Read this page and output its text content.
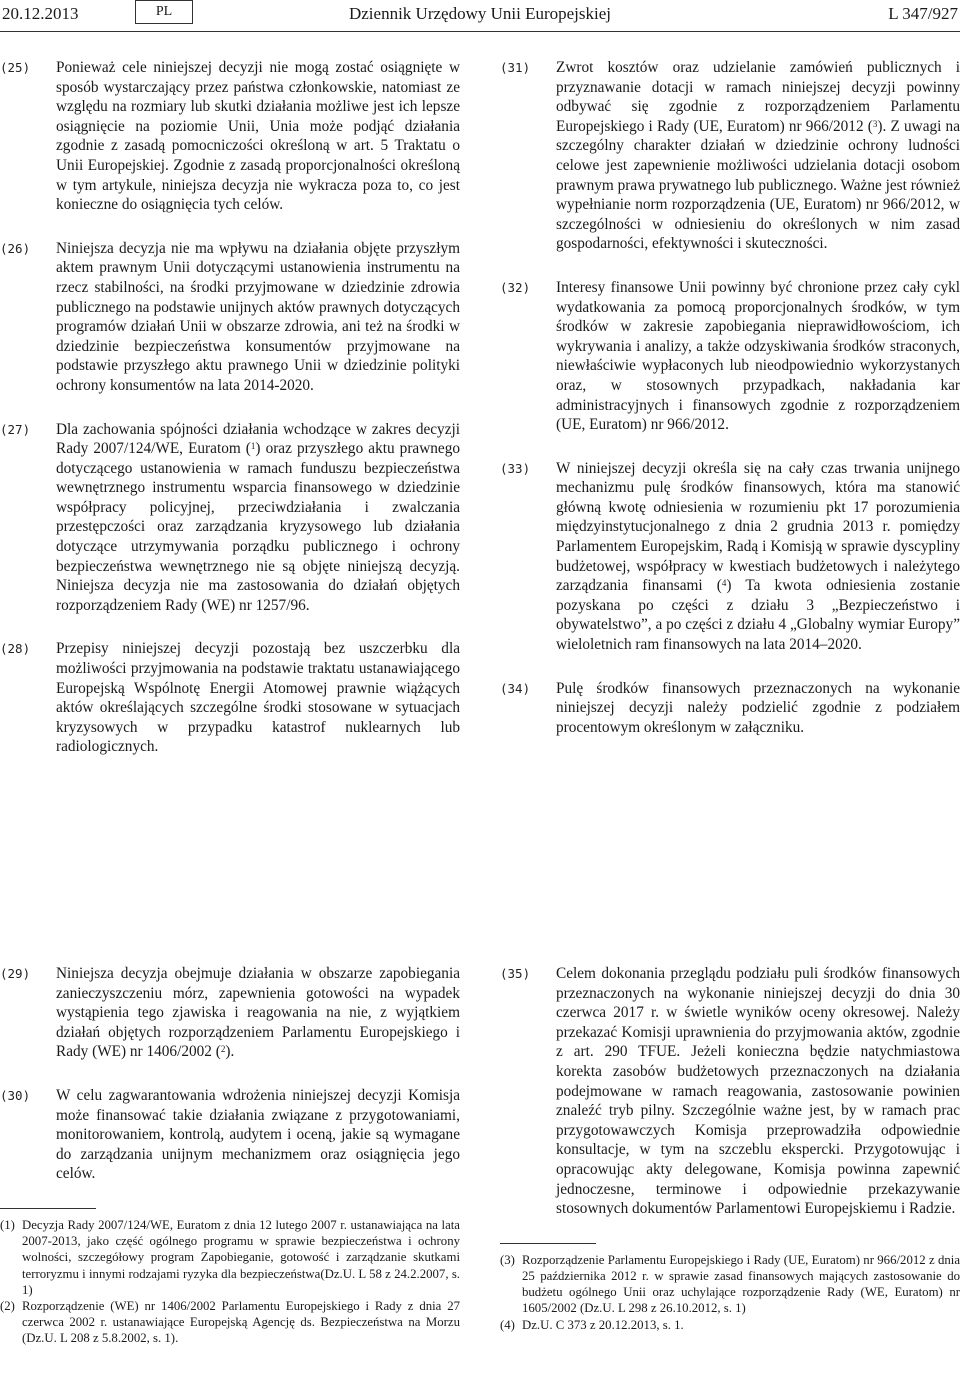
20.12.2013	PL	Dziennik Urzędowy Unii Europejskiej	L 347/927
(25) Ponieważ cele niniejszej decyzji nie mogą zostać osiągnięte w sposób wystarczający przez państwa członkowskie, natomiast ze względu na rozmiary lub skutki działania możliwe jest ich lepsze osiągnięcie na poziomie Unii, Unia może podjąć działania zgodnie z zasadą pomocniczości określoną w art. 5 Traktatu o Unii Europejskiej. Zgodnie z zasadą proporcjonalności określoną w tym artykule, niniejsza decyzja nie wykracza poza to, co jest konieczne do osiągnięcia tych celów.
(26) Niniejsza decyzja nie ma wpływu na działania objęte przyszłym aktem prawnym Unii dotyczącymi ustanowienia instrumentu na rzecz stabilności, na środki przyjmowane w dziedzinie zdrowia publicznego na podstawie unijnych aktów prawnych dotyczących programów działań Unii w obszarze zdrowia, ani też na środki w dziedzinie bezpieczeństwa konsumentów przyjmowane na podstawie przyszłego aktu prawnego Unii w dziedzinie polityki ochrony konsumentów na lata 2014-2020.
(27) Dla zachowania spójności działania wchodzące w zakres decyzji Rady 2007/124/WE, Euratom ($^1$) oraz przyszłego aktu prawnego dotyczącego ustanowienia w ramach funduszu bezpieczeństwa wewnętrznego instrumentu wsparcia finansowego w dziedzinie współpracy policyjnej, przeciwdziałania i zwalczania przestępczości oraz zarządzania kryzysowego lub działania dotyczące utrzymywania porządku publicznego i ochrony bezpieczeństwa wewnętrznego nie są objęte niniejszą decyzją. Niniejsza decyzja nie ma zastosowania do działań objętych rozporządzeniem Rady (WE) nr 1257/96.
(28) Przepisy niniejszej decyzji pozostają bez uszczerbku dla możliwości przyjmowania na podstawie traktatu ustanawiającego Europejską Wspólnotę Energii Atomowej prawnie wiążących aktów określających szczególne środki stosowane w sytuacjach kryzysowych w przypadku katastrof nuklearnych lub radiologicznych.
(31) Zwrot kosztów oraz udzielanie zamówień publicznych i przyznawanie dotacji w ramach niniejszej decyzji powinny odbywać się zgodnie z rozporządzeniem Parlamentu Europejskiego i Rady (UE, Euratom) nr 966/2012 ($^3$). Z uwagi na szczególny charakter działań w dziedzinie ochrony ludności celowe jest zapewnienie możliwości udzielania dotacji osobom prawnym prawa prywatnego lub publicznego. Ważne jest również wypełnianie norm rozporządzenia (UE, Euratom) nr 966/2012, w szczególności w odniesieniu do określonych w nim zasad gospodarności, efektywności i skuteczności.
(32) Interesy finansowe Unii powinny być chronione przez cały cykl wydatkowania za pomocą proporcjonalnych środków, w tym środków w zakresie zapobiegania nieprawidłowościom, ich wykrywania i analizy, a także odzyskiwania środków straconych, niewłaściwie wypłaconych lub nieodpowiednio wykorzystanych oraz, w stosownych przypadkach, nakładania kar administracyjnych i finansowych zgodnie z rozporządzeniem (UE, Euratom) nr 966/2012.
(33) W niniejszej decyzji określa się na cały czas trwania unijnego mechanizmu pulę środków finansowych, która ma stanowić główną kwotę odniesienia w rozumieniu pkt 17 porozumienia międzyinstytucjonalnego z dnia 2 grudnia 2013 r. pomiędzy Parlamentem Europejskim, Radą i Komisją w sprawie dyscypliny budżetowej, współpracy w kwestiach budżetowych i należytego zarządzania finansami ($^4$) Ta kwota odniesienia zostanie pozyskana po części z działu 3 „Bezpieczeństwo i obywatelstwo”, a po części z działu 4 „Globalny wymiar Europy” wieloletnich ram finansowych na lata 2014–2020.
(34) Pulę środków finansowych przeznaczonych na wykonanie niniejszej decyzji należy podzielić zgodnie z podziałem procentowym określonym w załączniku.
(29) Niniejsza decyzja obejmuje działania w obszarze zapobiegania zanieczyszczeniu mórz, zapewnienia gotowości na wypadek wystąpienia tego zjawiska i reagowania na nie, z wyjątkiem działań objętych rozporządzeniem Parlamentu Europejskiego i Rady (WE) nr 1406/2002 ($^2$).
(30) W celu zagwarantowania wdrożenia niniejszej decyzji Komisja może finansować takie działania związane z przygotowaniami, monitorowaniem, kontrolą, audytem i oceną, jakie są wymagane do zarządzania unijnym mechanizmem oraz osiągnięcia jego celów.
(1) Decyzja Rady 2007/124/WE, Euratom z dnia 12 lutego 2007 r. ustanawiająca na lata 2007-2013, jako część ogólnego programu w sprawie bezpieczeństwa i ochrony wolności, szczegółowy program Zapobieganie, gotowość i zarządzanie skutkami terroryzmu i innymi rodzajami ryzyka dla bezpieczeństwa(Dz.U. L 58 z 24.2.2007, s. 1)
(2) Rozporządzenie (WE) nr 1406/2002 Parlamentu Europejskiego i Rady z dnia 27 czerwca 2002 r. ustanawiające Europejską Agencję ds. Bezpieczeństwa na Morzu (Dz.U. L 208 z 5.8.2002, s. 1).
(35) Celem dokonania przeglądu podziału puli środków finansowych przeznaczonych na wykonanie niniejszej decyzji do dnia 30 czerwca 2017 r. w świetle wyników oceny okresowej. Należy przekazać Komisji uprawnienia do przyjmowania aktów, zgodnie z art. 290 TFUE. Jeżeli konieczna będzie natychmiastowa korekta zasobów budżetowych przeznaczonych na działania podejmowane w ramach reagowania, zastosowanie powinien znaleźć tryb pilny. Szczególnie ważne jest, by w ramach prac przygotowawczych Komisja przeprowadziła odpowiednie konsultacje, w tym na szczeblu ekspercki. Przygotowując i opracowując akty delegowane, Komisja powinna zapewnić jednoczesne, terminowe i odpowiednie przekazywanie stosownych dokumentów Parlamentowi Europejskiemu i Radzie.
(3) Rozporządzenie Parlamentu Europejskiego i Rady (UE, Euratom) nr 966/2012 z dnia 25 października 2012 r. w sprawie zasad finansowych mających zastosowanie do budżetu ogólnego Unii oraz uchylające rozporządzenie Rady (WE, Euratom) nr 1605/2002 (Dz.U. L 298 z 26.10.2012, s. 1)
(4) Dz.U. C 373 z 20.12.2013, s. 1.
